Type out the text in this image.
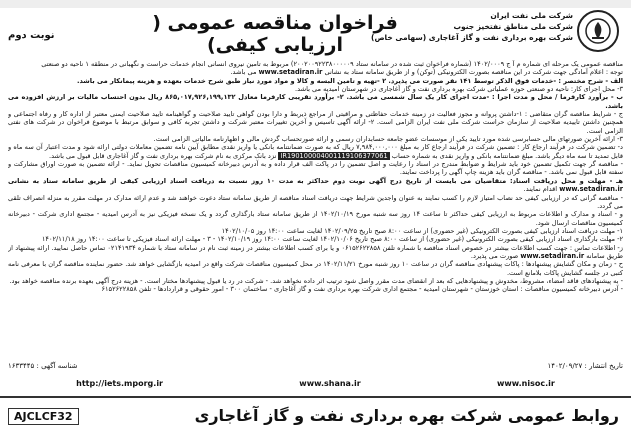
شرکت ملی نفت ایران
شرکت ملی مناطق نفتخیز جنوب
شرکت بهره برداری نفت و گاز آغاجاری (سهامی خاص)
فراخوان مناقصه عمومی ( ارزیابی کیفی)
نوبت دوم

مناقصه عمومی یک مرحله ای شماره م آ ج ۱۴۰۲/۰۰۰۹ (شماره فراخوان ثبت شده در سامانه ستاد ۲۰۰۲۰۰۹۲۲۳۸۰۰۰۰۰۹) مربوط به تامین نیروی انسانی انجام خدمات حراست و نگهبانی در منطقه ۱ ناحیه دو صنعتی

توجه : اعلام آمادگی جهت شرکت در این مناقصه بصورت الکترونیکی (توکن) و از طریق سامانه ستاد به نشانی www.setadiran.ir می باشد.

الف - شرح مختصر : -خدمات فوق الذکر توسط ۱۴۱ نفر صورت می پذیرد. ۲ -تهیه و تامین البسه و کالا و مواد مورد نیاز طبق شرح خدمات بعهده و هزینه پیمانکار می باشد.

۳- محل اجرای کار: ناحیه دو صنعتی حوزه عملیاتی شرکت بهره برداری نفت و گاز آغاجاری در شهرستان امیدیه می باشد.

ب - برآورد کارفرما / محل و مدت اجرا : -مدت اجرای کار یک سال شمسی می باشد. ۲- برآورد تقریبی کارفرما معادل ۸۶۵,۰۱۷,۹۲۶,۱۹۹,۱۳۲ ریال بدون احتساب مالیات بر ارزش افزوده می باشد.

ج - شرایط مناقصه گران متقاضی : ۱-داشتن پروانه و مجوز فعالیت در زمینه خدمات حفاظتی و مراقبتی از مراجع ذیربط و دارا بودن گواهی تایید صلاحیت و گواهینامه تایید صلاحیت ایمنی معتبر از اداره کار و رفاه اجتماعی و همچنین داشتن تاییدیه صلاحیت از سازمان حراست شرکت ملی نفت ایران الزامی است. ۲- ارائه آگهی تاسیس و آخرین تغییرات معتبر شرکت و داشتن تجربه کافی و سوابق مرتبط با موضوع فراخوان در شرکت های نفتی الزامی است.

۳- ارائه آخرین صورتهای مالی حسابرسی شده مورد تایید یکی از موسسات عضو جامعه حسابداران رسمی و ارائه صورتحساب گردش مالی و اظهارنامه مالیاتی الزامی است.

د- تضمین شرکت در فرآیند ارجاع کار : تضمین شرکت در فرآیند ارجاع کار به مبلغ ۷,۹۸۴,۰۰۰,۰۰۰ ریال که به صورت ضمانتنامه بانکی یا واریز نقدی مطابق آیین نامه تضمین معاملات دولتی ارائه شود و مدت اعتبار آن سه ماه و قابل تمدید تا سه ماه دیگر باشد. مبلغ ضمانتنامه بانکی و واریز نقدی به شماره حساب IR190100004001119106377061 نزد بانک مرکزی به نام شرکت بهره برداری نفت و گاز آغاجاری قابل قبول می باشد.

- مناقصه گر جهت تکمیل تضمین خود باید شرایط و ضوابط مندرج در اسناد را رعایت و اصل تضمین را در پاکت الف قرار داده و به آدرس دبیرخانه کمیسیون مناقصات تحویل نماید. - ارائه تضمین به صورت اوراق مشارکت و سفته قابل قبول نمی باشد. - مناقصه گران باید هزینه چاپ آگهی را پرداخت نمایند.

هـ - مهلت و محل دریافت اسناد: متقاضیان می بایست از تاریخ درج آگهی نوبت دوم حداکثر به مدت ۱۰ روز نسبت به دریافت اسناد ارزیابی کیفی از طریق سامانه ستاد به نشانی www.setadiran.ir اقدام نمایند.

- مناقصه گرانی که در ارزیابی کیفی حد نصاب امتیاز لازم را کسب نمایند به عنوان واجدین شرایط جهت دریافت اسناد مناقصه از طریق سامانه ستاد دعوت خواهند شد و عدم ارائه مدارک در مهلت مقرر به منزله انصراف تلقی می گردد.

و - اسناد و مدارک و اطلاعات مربوط به ارزیابی کیفی حداکثر تا ساعت ۱۴ روز سه شنبه مورخ ۱۴۰۲/۱۰/۱۹ از طریق سامانه ستاد بارگذاری گردد و یک نسخه فیزیکی نیز به آدرس امیدیه - مجتمع اداری شرکت - دبیرخانه کمیسیون مناقصات ارسال شود.

۱- مهلت دریافت اسناد ارزیابی کیفی بصورت الکترونیکی (غیر حضوری) از ساعت ۸:۰۰ صبح تاریخ ۱۴۰۲/۰۹/۲۵ لغایت ساعت ۱۴:۰۰ روز ۱۴۰۲/۱۰/۰۵

۲- مهلت بارگذاری اسناد ارزیابی کیفی بصورت الکترونیکی (غیر حضوری) از ساعت ۸:۰۰ صبح تاریخ ۱۴۰۲/۱۰/۰۶ لغایت ساعت ۱۴:۰۰ روز ۱۴۰۲/۱۰/۱۹ - ۳ - مهلت ارائه اسناد فیزیکی تا ساعت ۱۴:۰۰ روز ۱۴۰۲/۱۱/۱۸

ز- اطلاعات تماس : جهت کسب اطلاعات بیشتر در خصوص اسناد مناقصه با شماره تلفن ۰۶۱۵۲۶۲۲۸۵۸ و یا برای کسب اطلاعات بیشتر در زمینه ثبت نام در سامانه ستاد با شماره ۰۲۱۴۱۹۳۴ تماس حاصل نمایید. ارائه پیشنهاد از طریق سامانه www.setadiran.ir صورت می پذیرد.

ح - زمان و مکان گشایش پیشنهادها : پاکات پیشنهادی مناقصه گران در ساعت ۱۰ روز شنبه مورخ ۱۴۰۲/۱۱/۲۱ در محل کمیسیون مناقصات شرکت واقع در امیدیه بازگشایی خواهد شد. حضور نماینده مناقصه گران با معرفی نامه کتبی در جلسه گشایش پاکات بلامانع است.

- به پیشنهادهای فاقد امضاء، مشروط، مخدوش و پیشنهادهایی که بعد از انقضای مدت مقرر واصل شود ترتیب اثر داده نخواهد شد. - شرکت در رد یا قبول پیشنهادها مختار است. - هزینه درج آگهی بعهده برنده مناقصه خواهد بود.

- آدرس دبیرخانه کمیسیون مناقصات : استان خوزستان - شهرستان امیدیه - مجتمع اداری شرکت بهره برداری نفت و گاز آغاجاری - ساختمان ۳۰۰ - امور حقوقی و قراردادها - تلفن ۶۱۵۲۶۲۲۸۵۸

تاریخ انتشار : ۱۴۰۲/۰۹/۲۷
شناسه آگهی : ۱۶۳۳۴۴۵
http://iets.mporg.ir	www.shana.ir	www.nisoc.ir
روابط عمومی شرکت بهره برداری نفت و گاز آغاجاری
AJCLCF32
